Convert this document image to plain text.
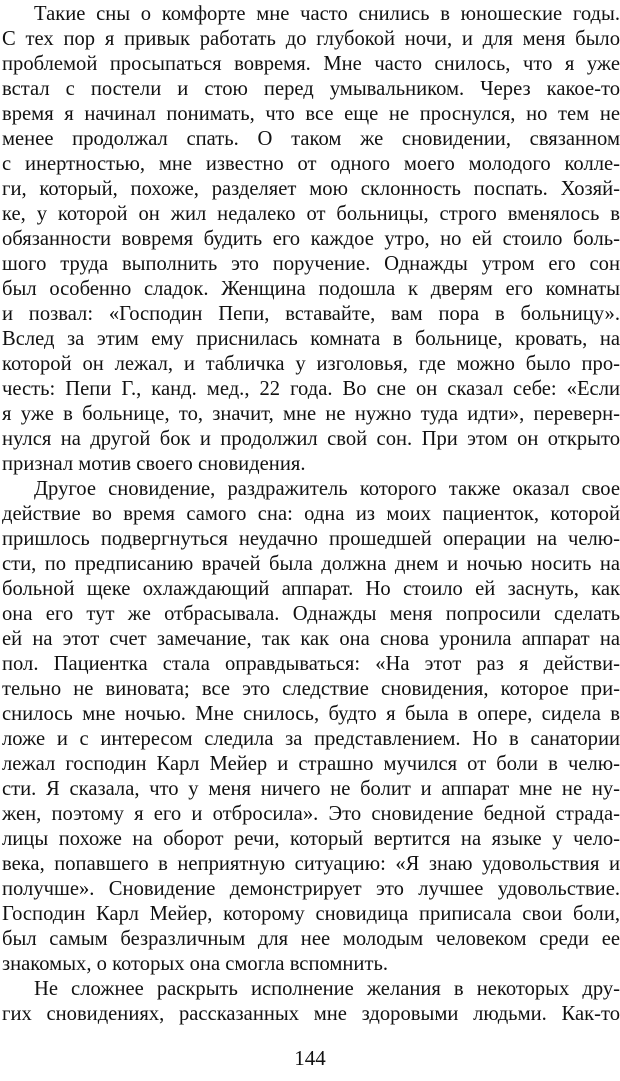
Такие сны о комфорте мне часто снились в юношеские годы.
С тех пор я привык работать до глубокой ночи, и для меня было
проблемой просыпаться вовремя. Мне часто снилось, что я уже
встал с постели и стою перед умывальником. Через какое-то
время я начинал понимать, что все еще не проснулся, но тем не
менее продолжал спать. О таком же сновидении, связанном
с инертностью, мне известно от одного моего молодого колле-
ги, который, похоже, разделяет мою склонность поспать. Хозяй-
ке, у которой он жил недалеко от больницы, строго вменялось в
обязанности вовремя будить его каждое утро, но ей стоило боль-
шого труда выполнить это поручение. Однажды утром его сон
был особенно сладок. Женщина подошла к дверям его комнаты
и позвал: «Господин Пепи, вставайте, вам пора в больницу».
Вслед за этим ему приснилась комната в больнице, кровать, на
которой он лежал, и табличка у изголовья, где можно было про-
честь: Пепи Г., канд. мед., 22 года. Во сне он сказал себе: «Если
я уже в больнице, то, значит, мне не нужно туда идти», переверн-
нулся на другой бок и продолжил свой сон. При этом он открыто
признал мотив своего сновидения.
Другое сновидение, раздражитель которого также оказал свое
действие во время самого сна: одна из моих пациенток, которой
пришлось подвергнуться неудачно прошедшей операции на челю-
сти, по предписанию врачей была должна днем и ночью носить на
больной щеке охлаждающий аппарат. Но стоило ей заснуть, как
она его тут же отбрасывала. Однажды меня попросили сделать
ей на этот счет замечание, так как она снова уронила аппарат на
пол. Пациентка стала оправдываться: «На этот раз я действи-
тельно не виновата; все это следствие сновидения, которое при-
снилось мне ночью. Мне снилось, будто я была в опере, сидела в
ложе и с интересом следила за представлением. Но в санатории
лежал господин Карл Мейер и страшно мучился от боли в челю-
сти. Я сказала, что у меня ничего не болит и аппарат мне не ну-
жен, поэтому я его и отбросила». Это сновидение бедной страда-
лицы похоже на оборот речи, который вертится на языке у чело-
века, попавшего в неприятную ситуацию: «Я знаю удовольствия и
получше». Сновидение демонстрирует это лучшее удовольствие.
Господин Карл Мейер, которому сновидица приписала свои боли,
был самым безразличным для нее молодым человеком среди ее
знакомых, о которых она смогла вспомнить.
Не сложнее раскрыть исполнение желания в некоторых дру-
гих сновидениях, рассказанных мне здоровыми людьми. Как-то
144
